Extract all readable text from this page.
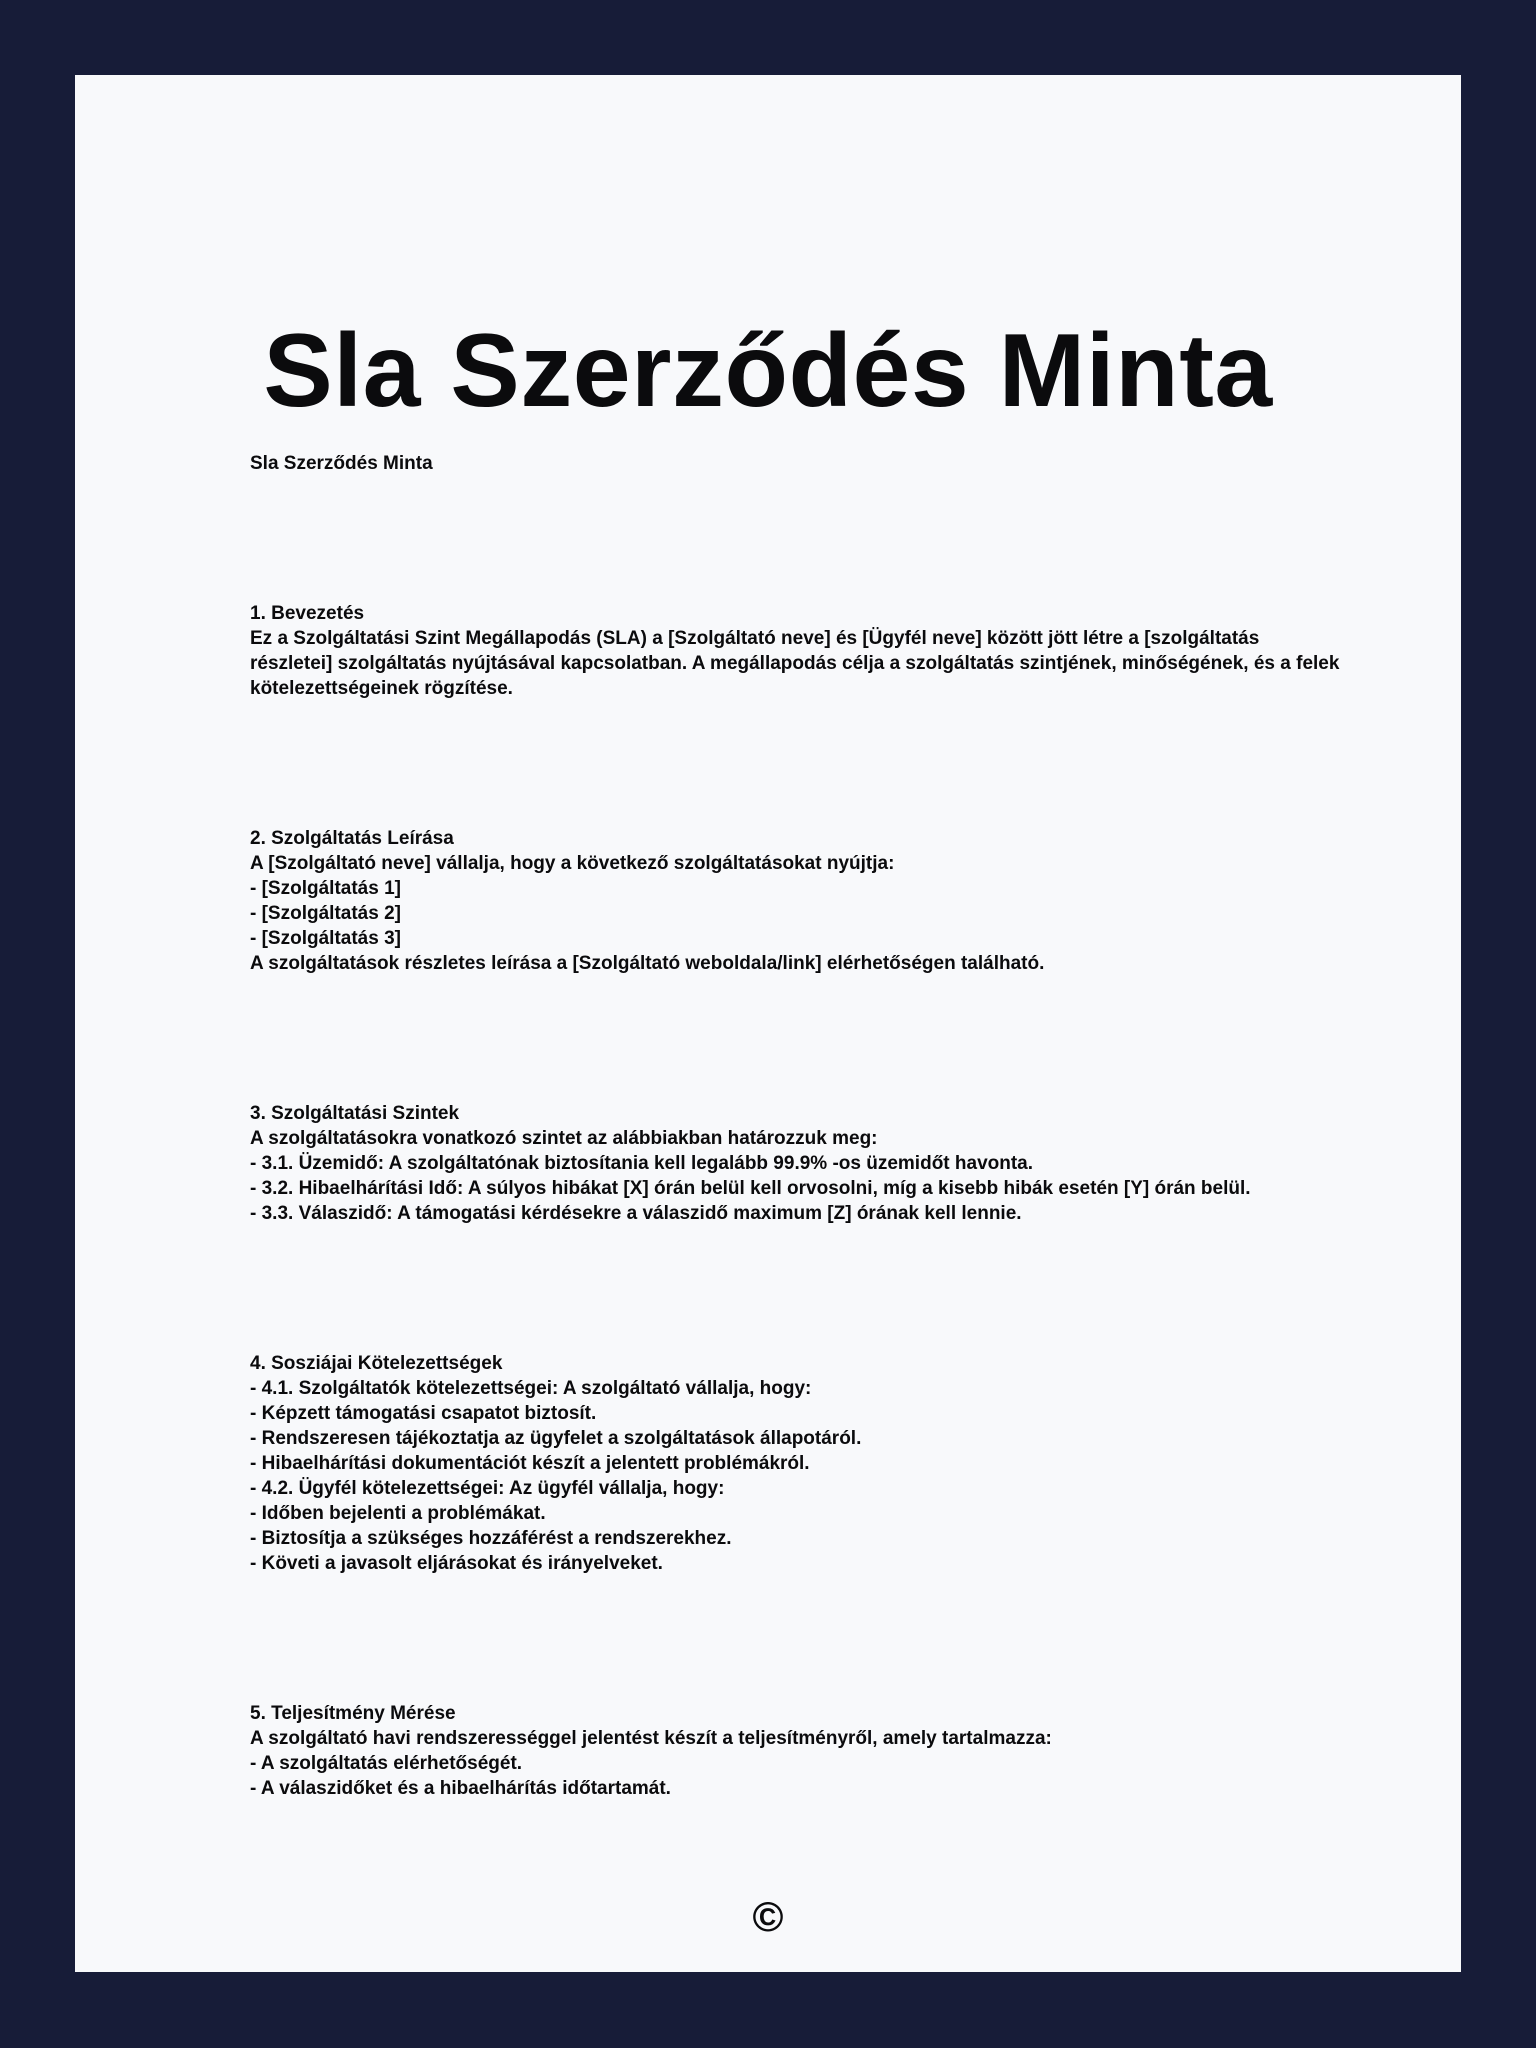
Sla Szerződés Minta

Sla Szerződés Minta

1. Bevezetés

Ez a Szolgáltatási Szint Megállapodás (SLA) a [Szolgáltató neve] és [Ügyfél neve] között jött létre a [szolgáltatás részletei] szolgáltatás nyújtásával kapcsolatban. A megállapodás célja a szolgáltatás szintjének, minőségének, és a felek kötelezettségeinek rögzítése.

2. Szolgáltatás Leírása

A [Szolgáltató neve] vállalja, hogy a következő szolgáltatásokat nyújtja:

- [Szolgáltatás 1]
- [Szolgáltatás 2]
- [Szolgáltatás 3]

A szolgáltatások részletes leírása a [Szolgáltató weboldala/link] elérhetőségen található.

3. Szolgáltatási Szintek

A szolgáltatásokra vonatkozó szintet az alábbiakban határozzuk meg:

- 3.1. Üzemidő: A szolgáltatónak biztosítania kell legalább 99.9% -os üzemidőt havonta.
- 3.2. Hibaelhárítási Idő: A súlyos hibákat [X] órán belül kell orvosolni, míg a kisebb hibák esetén [Y] órán belül.
- 3.3. Válaszidő: A támogatási kérdésekre a válaszidő maximum [Z] órának kell lennie.
4. Sosziájai Kötelezettségek
- 4.1. Szolgáltatók kötelezettségei: A szolgáltató vállalja, hogy:
- Képzett támogatási csapatot biztosít.
- Rendszeresen tájékoztatja az ügyfelet a szolgáltatások állapotáról.
- Hibaelhárítási dokumentációt készít a jelentett problémákról.
- 4.2. Ügyfél kötelezettségei: Az ügyfél vállalja, hogy:
- Időben bejelenti a problémákat.
- Biztosítja a szükséges hozzáférést a rendszerekhez.
- Követi a javasolt eljárásokat és irányelveket.
5. Teljesítmény Mérése

A szolgáltató havi rendszerességgel jelentést készít a teljesítményről, amely tartalmazza:

- A szolgáltatás elérhetőségét.
- A válaszidőket és a hibaelhárítás időtartamát.
©
